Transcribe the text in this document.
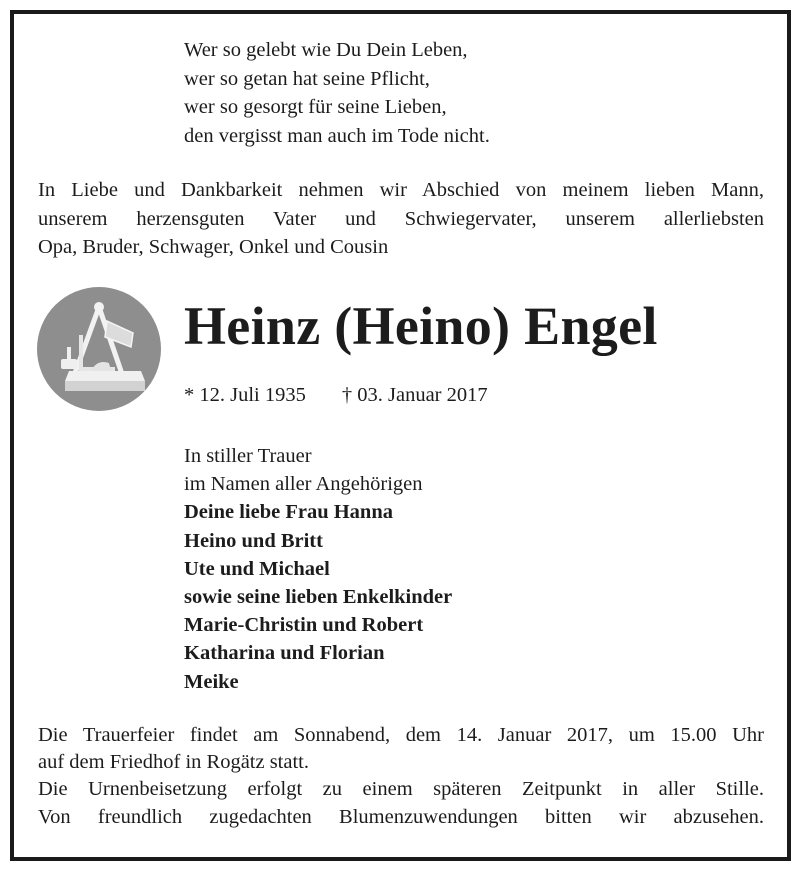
Wer so gelebt wie Du Dein Leben,
wer so getan hat seine Pflicht,
wer so gesorgt für seine Lieben,
den vergisst man auch im Tode nicht.
In Liebe und Dankbarkeit nehmen wir Abschied von meinem lieben Mann,
unserem herzensguten Vater und Schwiegervater, unserem allerliebsten
Opa, Bruder, Schwager, Onkel und Cousin
Heinz (Heino) Engel
* 12. Juli 1935 † 03. Januar 2017
In stiller Trauer
im Namen aller Angehörigen
Deine liebe Frau Hanna
Heino und Britt
Ute und Michael
sowie seine lieben Enkelkinder
Marie-Christin und Robert
Katharina und Florian
Meike
Die Trauerfeier findet am Sonnabend, dem 14. Januar 2017, um 15.00 Uhr
auf dem Friedhof in Rogätz statt.
Die Urnenbeisetzung erfolgt zu einem späteren Zeitpunkt in aller Stille.
Von freundlich zugedachten Blumenzuwendungen bitten wir abzusehen.
